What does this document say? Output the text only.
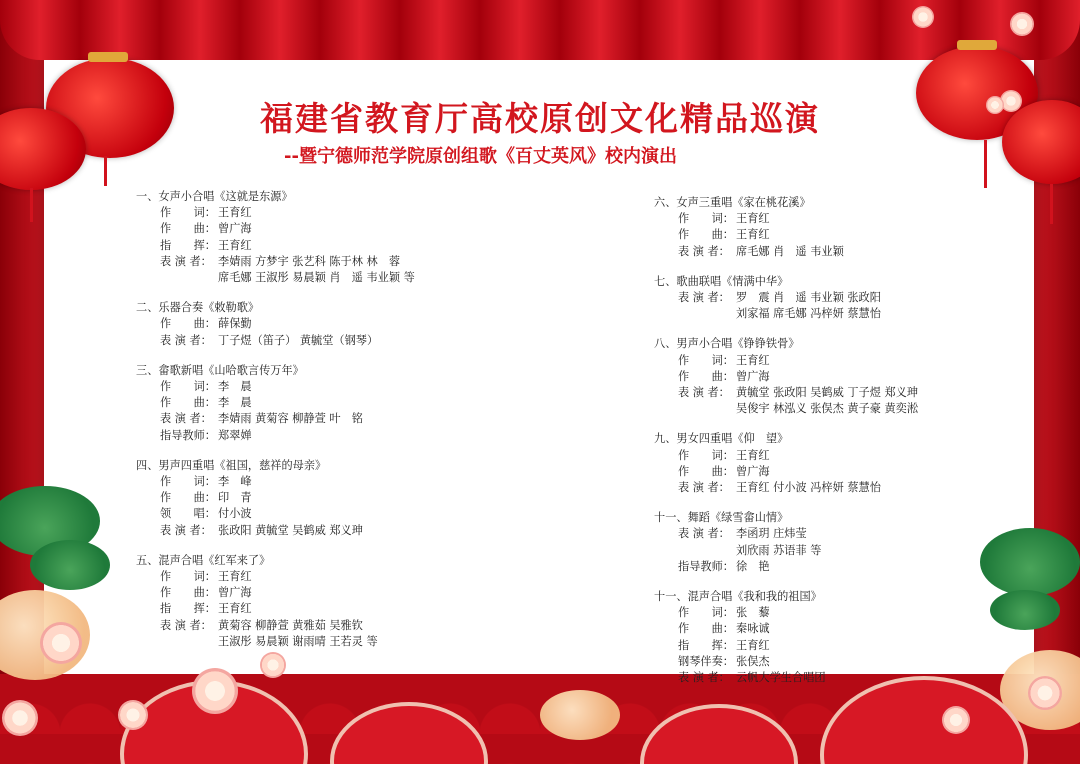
福建省教育厅高校原创文化精品巡演
--暨宁德师范学院原创组歌《百丈英风》校内演出
一、女声小合唱《这就是东源》
作　　词： 王育红
作　　曲： 曾广海
指　　挥： 王育红
表 演 者： 李婧雨 方梦宇 张艺科 陈于林 林　蓉
席毛娜 王淑彤 易晨颖 肖　遥 韦业颖 等
二、乐器合奏《敕勒歌》
作　　曲： 薛保勤
表 演 者： 丁子煜（笛子） 黄毓堂（钢琴）
三、畲歌新唱《山哈歌言传万年》
作　　词： 李　晨
作　　曲： 李　晨
表 演 者： 李婧雨 黄菊容 柳静萱 叶　铭
指导教师： 郑翠婵
四、男声四重唱《祖国，慈祥的母亲》
作　　词： 李　峰
作　　曲： 印　青
领　　唱： 付小波
表 演 者： 张政阳 黄毓堂 吴鹤威 郑义珅
五、混声合唱《红军来了》
作　　词： 王育红
作　　曲： 曾广海
指　　挥： 王育红
表 演 者： 黄菊容 柳静萱 黄雅茹 吴雅钦
王淑彤 易晨颖 谢雨晴 王若灵 等
六、女声三重唱《家在桃花溪》
作　　词： 王育红
作　　曲： 王育红
表 演 者： 席毛娜 肖　遥 韦业颖
七、歌曲联唱《情满中华》
表 演 者： 罗　震 肖　遥 韦业颖 张政阳
刘家福 席毛娜 冯梓妍 蔡慧怡
八、男声小合唱《铮铮铁骨》
作　　词： 王育红
作　　曲： 曾广海
表 演 者： 黄毓堂 张政阳 吴鹤威 丁子煜 郑义珅
吴俊宇 林泓义 张俣杰 黄子豪 黄奕淞
九、男女四重唱《仰　望》
作　　词： 王育红
作　　曲： 曾广海
表 演 者： 王育红 付小波 冯梓妍 蔡慧怡
十一、舞蹈《绿雪畲山情》
表 演 者： 李函玥 庄炜莹
刘欣雨 苏语菲 等
指导教师： 徐　艳
十一、混声合唱《我和我的祖国》
作　　词： 张　藜
作　　曲： 秦咏诚
指　　挥： 王育红
钢琴伴奏： 张俣杰
表 演 者： 云帆大学生合唱团
